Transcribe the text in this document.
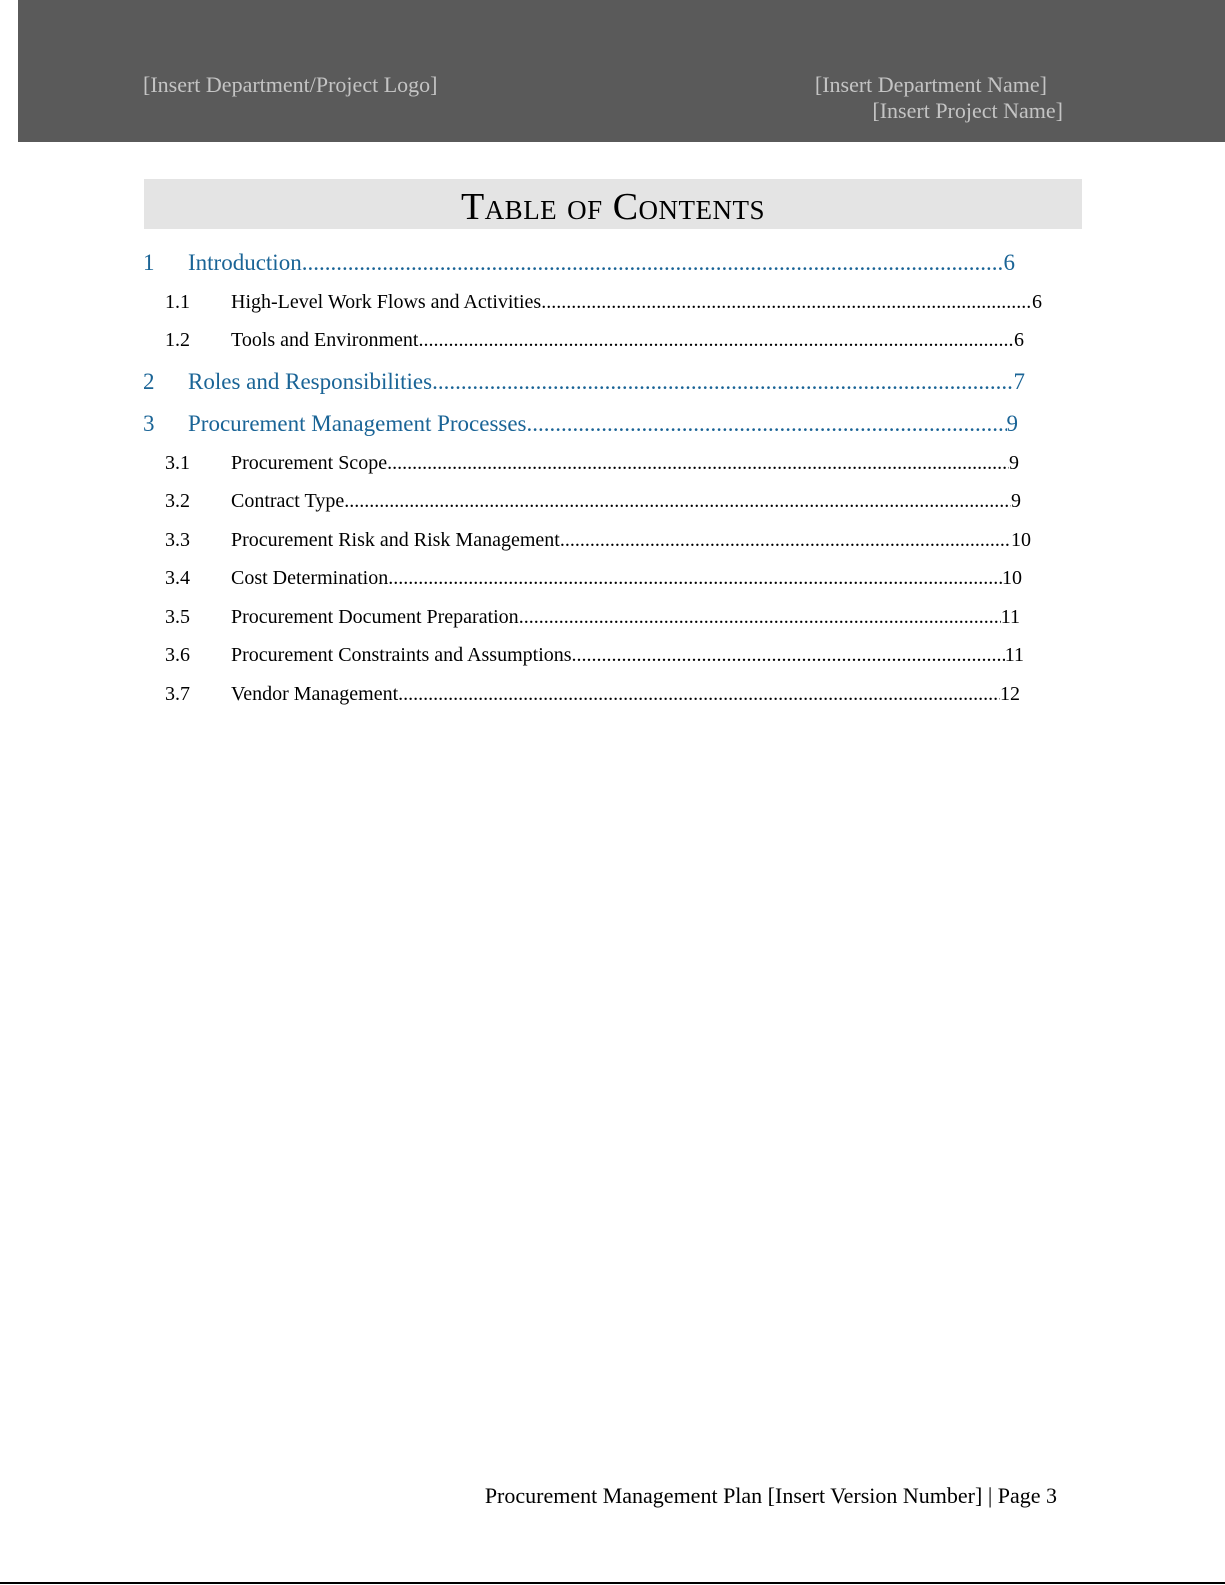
[Insert Department/Project Logo]	[Insert Department Name]
[Insert Project Name]
Table of Contents
1	Introduction .....	6
1.1	High-Level Work Flows and Activities .....	6
1.2	Tools and Environment .....	6
2	Roles and Responsibilities .....	7
3	Procurement Management Processes .....	9
3.1	Procurement Scope .....	9
3.2	Contract Type .....	9
3.3	Procurement Risk and Risk Management .....	10
3.4	Cost Determination .....	10
3.5	Procurement Document Preparation .....	11
3.6	Procurement Constraints and Assumptions .....	11
3.7	Vendor Management .....	12
Procurement Management Plan [Insert Version Number] | Page 3
